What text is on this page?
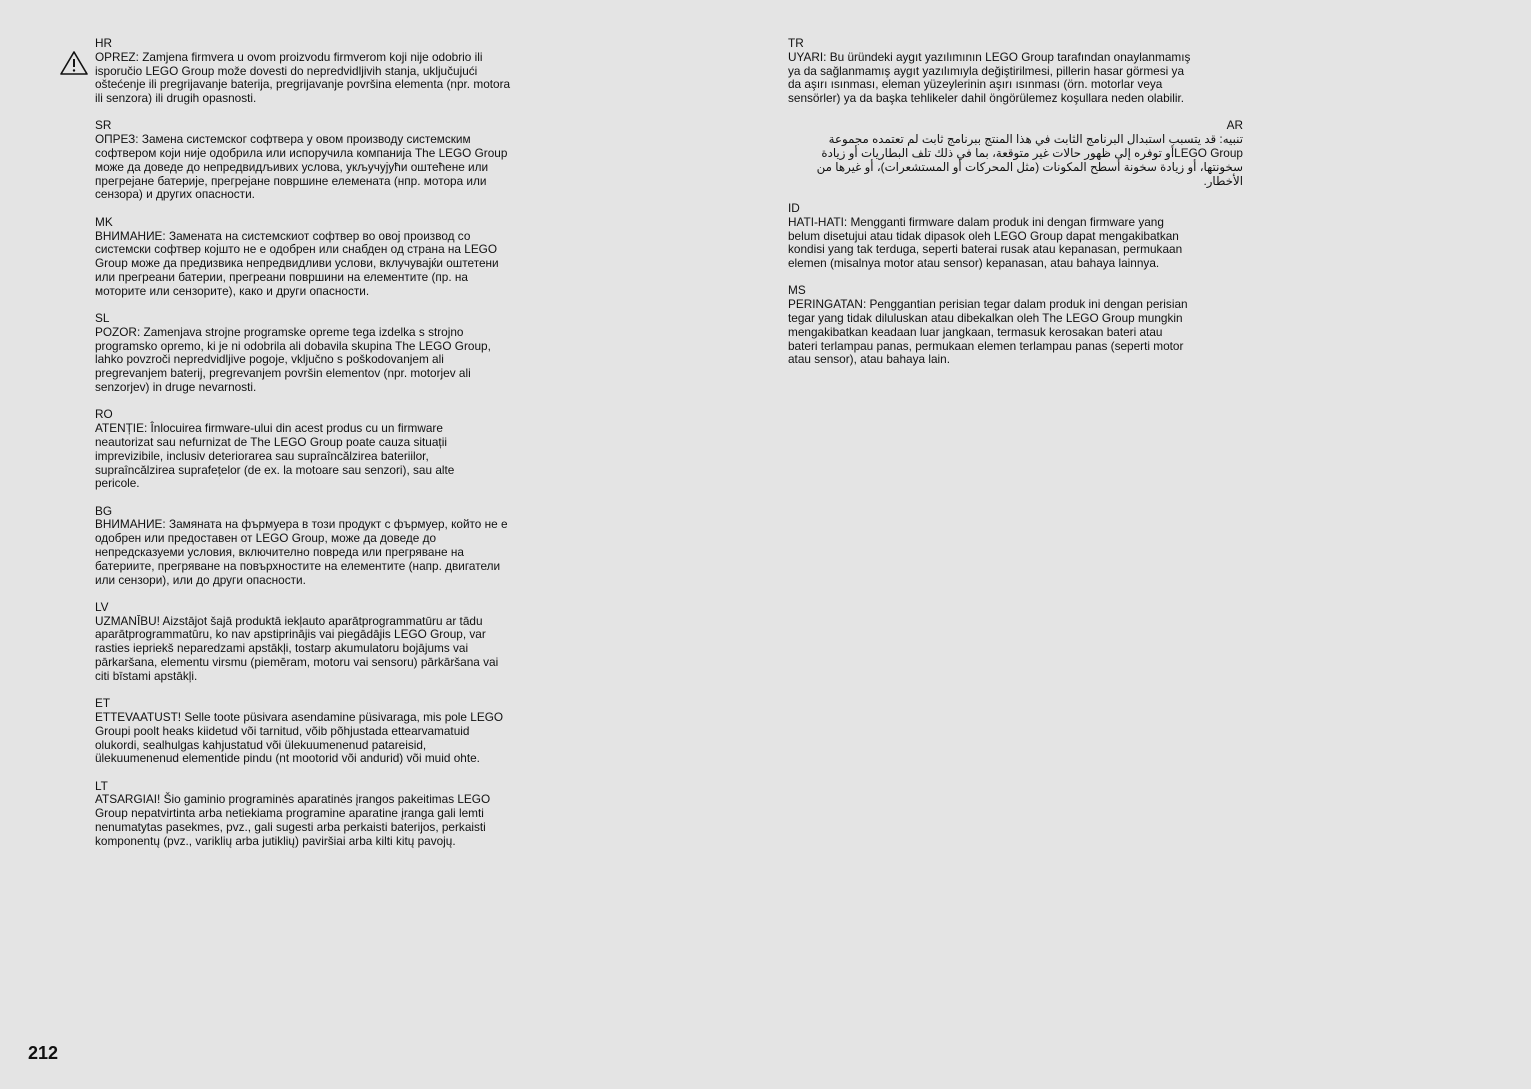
HR
OPREZ: Zamjena firmvera u ovom proizvodu firmverom koji nije odobrio ili
isporučio LEGO Group može dovesti do nepredvidljivih stanja, uključujući
oštećenje ili pregrijavanje baterija, pregrijavanje površina elementa (npr. motora
ili senzora) ili drugih opasnosti.
SR
ОПРЕЗ: Замена системског софтвера у овом производу системским
софтвером који није одобрила или испоручила компанија The LEGO Group
може да доведе до непредвидљивих услова, укључујући оштећене или
прегрејане батерије, прегрејане површине елемената (нпр. мотора или
сензора) и других опасности.
MK
ВНИМАНИЕ: Замената на системскиот софтвер во овој производ со
системски софтвер којшто не е одобрен или снабден од страна на LEGO
Group може да предизвика непредвидливи услови, вклучувајќи оштетени
или прегреани батерии, прегреани површини на елементите (пр. на
моторите или сензорите), како и други опасности.
SL
POZOR: Zamenjava strojne programske opreme tega izdelka s strojno
programsko opremo, ki je ni odobrila ali dobavila skupina The LEGO Group,
lahko povzroči nepredvidljive pogoje, vključno s poškodovanjem ali
pregrevanjem baterij, pregrevanjem površin elementov (npr. motorjev ali
senzorjev) in druge nevarnosti.
RO
ATENȚIE: Înlocuirea firmware-ului din acest produs cu un firmware
neautorizat sau nefurnizat de The LEGO Group poate cauza situații
imprevizibile, inclusiv deteriorarea sau supraîncălzirea bateriilor,
supraîncălzirea suprafețelor (de ex. la motoare sau senzori), sau alte
pericole.
BG
ВНИМАНИЕ: Замяната на фърмуера в този продукт с фърмуер, който не е
одобрен или предоставен от LEGO Group, може да доведе до
непредсказуеми условия, включително повреда или прегряване на
батериите, прегряване на повърхностите на елементите (напр. двигатели
или сензори), или до други опасности.
LV
UZMANĪBU! Aizstājot šajā produktā iekļauto aparātprogrammatūru ar tādu
aparātprogrammatūru, ko nav apstiprinājis vai piegādājis LEGO Group, var
rasties iepriekš neparedzami apstākļi, tostarp akumulatoru bojājums vai
pārkaršana, elementu virsmu (piemēram, motoru vai sensoru) pārkāršana vai
citi bīstami apstākļi.
ET
ETTEVAATUST! Selle toote püsivara asendamine püsivaraga, mis pole LEGO
Groupi poolt heaks kiidetud või tarnitud, võib põhjustada ettearvamatuid
olukordi, sealhulgas kahjustatud või ülekuumenenud patareisid,
ülekuumenenud elementide pindu (nt mootorid või andurid) või muid ohte.
LT
ATSARGIAI! Šio gaminio programinės aparatinės įrangos pakeitimas LEGO
Group nepatvirtinta arba netiekiama programine aparatine įranga gali lemti
nenumatytas pasekmes, pvz., gali sugesti arba perkaisti baterijos, perkaisti
komponentų (pvz., variklių arba jutiklių) paviršiai arba kilti kitų pavojų.
TR
UYARI: Bu üründeki aygıt yazılımının LEGO Group tarafından onaylanmamış
ya da sağlanmamış aygıt yazılımıyla değiştirilmesi, pillerin hasar görmesi ya
da aşırı ısınması, eleman yüzeylerinin aşırı ısınması (örn. motorlar veya
sensörler) ya da başka tehlikeler dahil öngörülemez koşullara neden olabilir.
AR
تنبيه: قد يتسبب استبدال البرنامج الثابت في هذا المنتج ببرنامج ثابت لم تعتمده مجموعة
LEGO Groupأو توفره إلى ظهور حالات غير متوقعة، بما في ذلك تلف البطاريات أو زيادة
سخونتها، أو زيادة سخونة أسطح المكونات (مثل المحركات أو المستشعرات)، أو غيرها من
الأخطار.
ID
HATI-HATI: Mengganti firmware dalam produk ini dengan firmware yang
belum disetujui atau tidak dipasok oleh LEGO Group dapat mengakibatkan
kondisi yang tak terduga, seperti baterai rusak atau kepanasan, permukaan
elemen (misalnya motor atau sensor) kepanasan, atau bahaya lainnya.
MS
PERINGATAN: Penggantian perisian tegar dalam produk ini dengan perisian
tegar yang tidak diluluskan atau dibekalkan oleh The LEGO Group mungkin
mengakibatkan keadaan luar jangkaan, termasuk kerosakan bateri atau
bateri terlampau panas, permukaan elemen terlampau panas (seperti motor
atau sensor), atau bahaya lain.
212
